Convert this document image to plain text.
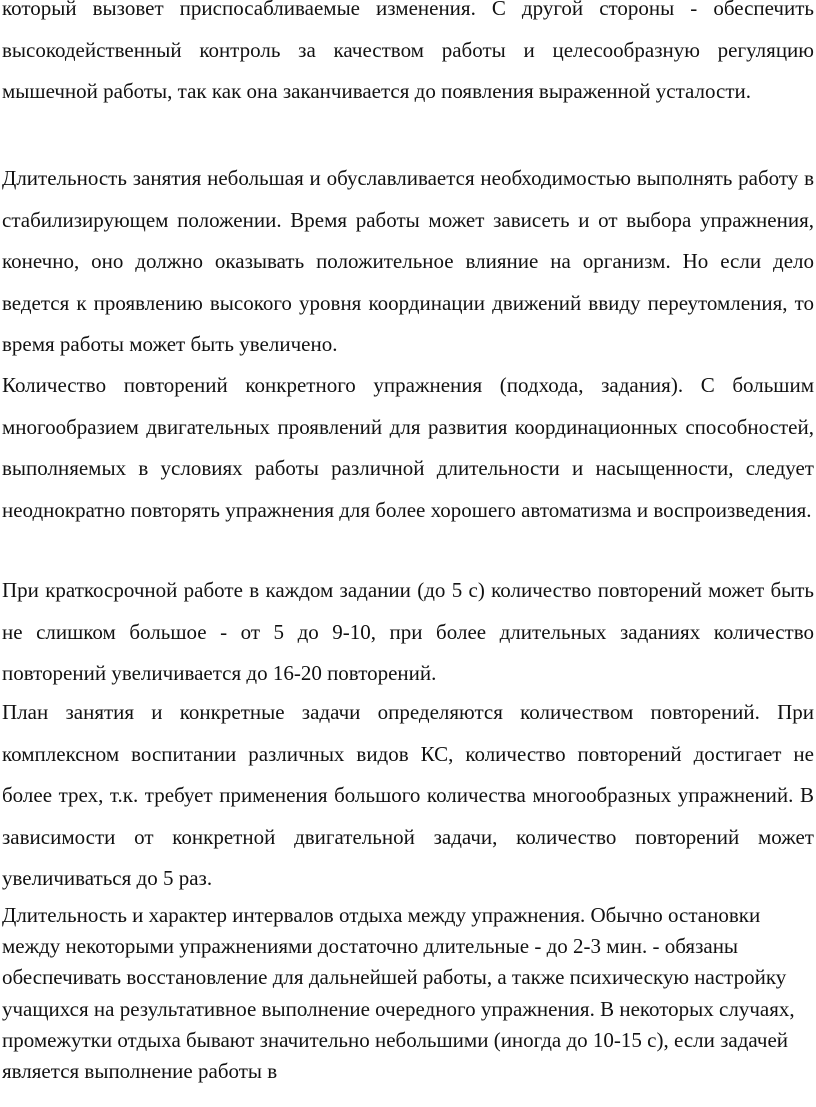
который вызовет приспосабливаемые изменения. С другой стороны - обеспечить высокодейственный контроль за качеством работы и целесообразную регуляцию мышечной работы, так как она заканчивается до появления выраженной усталости.

Длительность занятия небольшая и обуславливается необходимостью выполнять работу в стабилизирующем положении. Время работы может зависеть и от выбора упражнения, конечно, оно должно оказывать положительное влияние на организм. Но если дело ведется к проявлению высокого уровня координации движений ввиду переутомления, то время работы может быть увеличено.

Количество повторений конкретного упражнения (подхода, задания). С большим многообразием двигательных проявлений для развития координационных способностей, выполняемых в условиях работы различной длительности и насыщенности, следует неоднократно повторять упражнения для более хорошего автоматизма и воспроизведения.

При краткосрочной работе в каждом задании (до 5 с) количество повторений может быть не слишком большое - от 5 до 9-10, при более длительных заданиях количество повторений увеличивается до 16-20 повторений.

План занятия и конкретные задачи определяются количеством повторений. При комплексном воспитании различных видов КС, количество повторений достигает не более трех, т.к. требует применения большого количества многообразных упражнений. В зависимости от конкретной двигательной задачи, количество повторений может увеличиваться до 5 раз.

Длительность и характер интервалов отдыха между упражнения. Обычно остановки между некоторыми упражнениями достаточно длительные - до 2-3 мин. - обязаны обеспечивать восстановление для дальнейшей работы, а также психическую настройку учащихся на результативное выполнение очередного упражнения. В некоторых случаях, промежутки отдыха бывают значительно небольшими (иногда до 10-15 с), если задачей является выполнение работы в
